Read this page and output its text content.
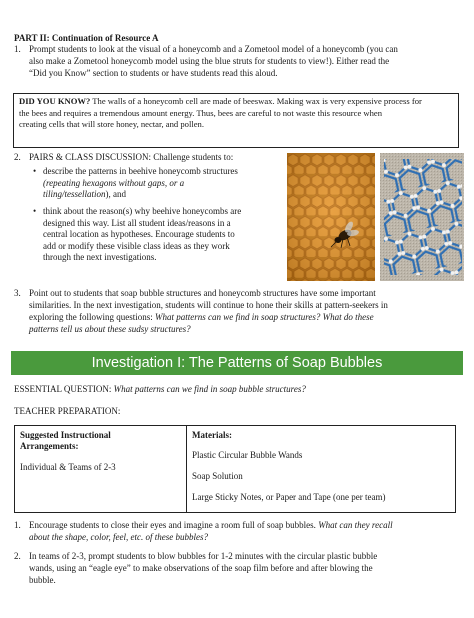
PART II: Continuation of Resource A
1. Prompt students to look at the visual of a honeycomb and a Zometool model of a honeycomb (you can
also make a Zometool honeycomb model using the blue struts for students to view!). Either read the
“Did you Know” section to students or have students read this aloud.
DID YOU KNOW? The walls of a honeycomb cell are made of beeswax. Making wax is very expensive process for
the bees and requires a tremendous amount energy. Thus, bees are careful to not waste this resource when
creating cells that will store honey, nectar, and pollen.
2. PAIRS & CLASS DISCUSSION: Challenge students to:
• describe the patterns in beehive honeycomb structures
(repeating hexagons without gaps, or a
tiling/tessellation), and
• think about the reason(s) why beehive honeycombs are
designed this way. List all student ideas/reasons in a
central location as hypotheses. Encourage students to
add or modify these visible class ideas as they work
through the next investigations.
3. Point out to students that soap bubble structures and honeycomb structures have some important
similarities. In the next investigation, students will continue to hone their skills at pattern-seekers in
exploring the following questions: What patterns can we find in soap structures? What do these
patterns tell us about these sudsy structures?
Investigation I: The Patterns of Soap Bubbles
ESSENTIAL QUESTION: What patterns can we find in soap bubble structures?
TEACHER PREPARATION:
Suggested Instructional
Arrangements:
Individual & Teams of 2-3
Materials:
Plastic Circular Bubble Wands
Soap Solution
Large Sticky Notes, or Paper and Tape (one per team)
1. Encourage students to close their eyes and imagine a room full of soap bubbles. What can they recall
about the shape, color, feel, etc. of these bubbles?
2. In teams of 2-3, prompt students to blow bubbles for 1-2 minutes with the circular plastic bubble
wands, using an “eagle eye” to make observations of the soap film before and after blowing the
bubble.
